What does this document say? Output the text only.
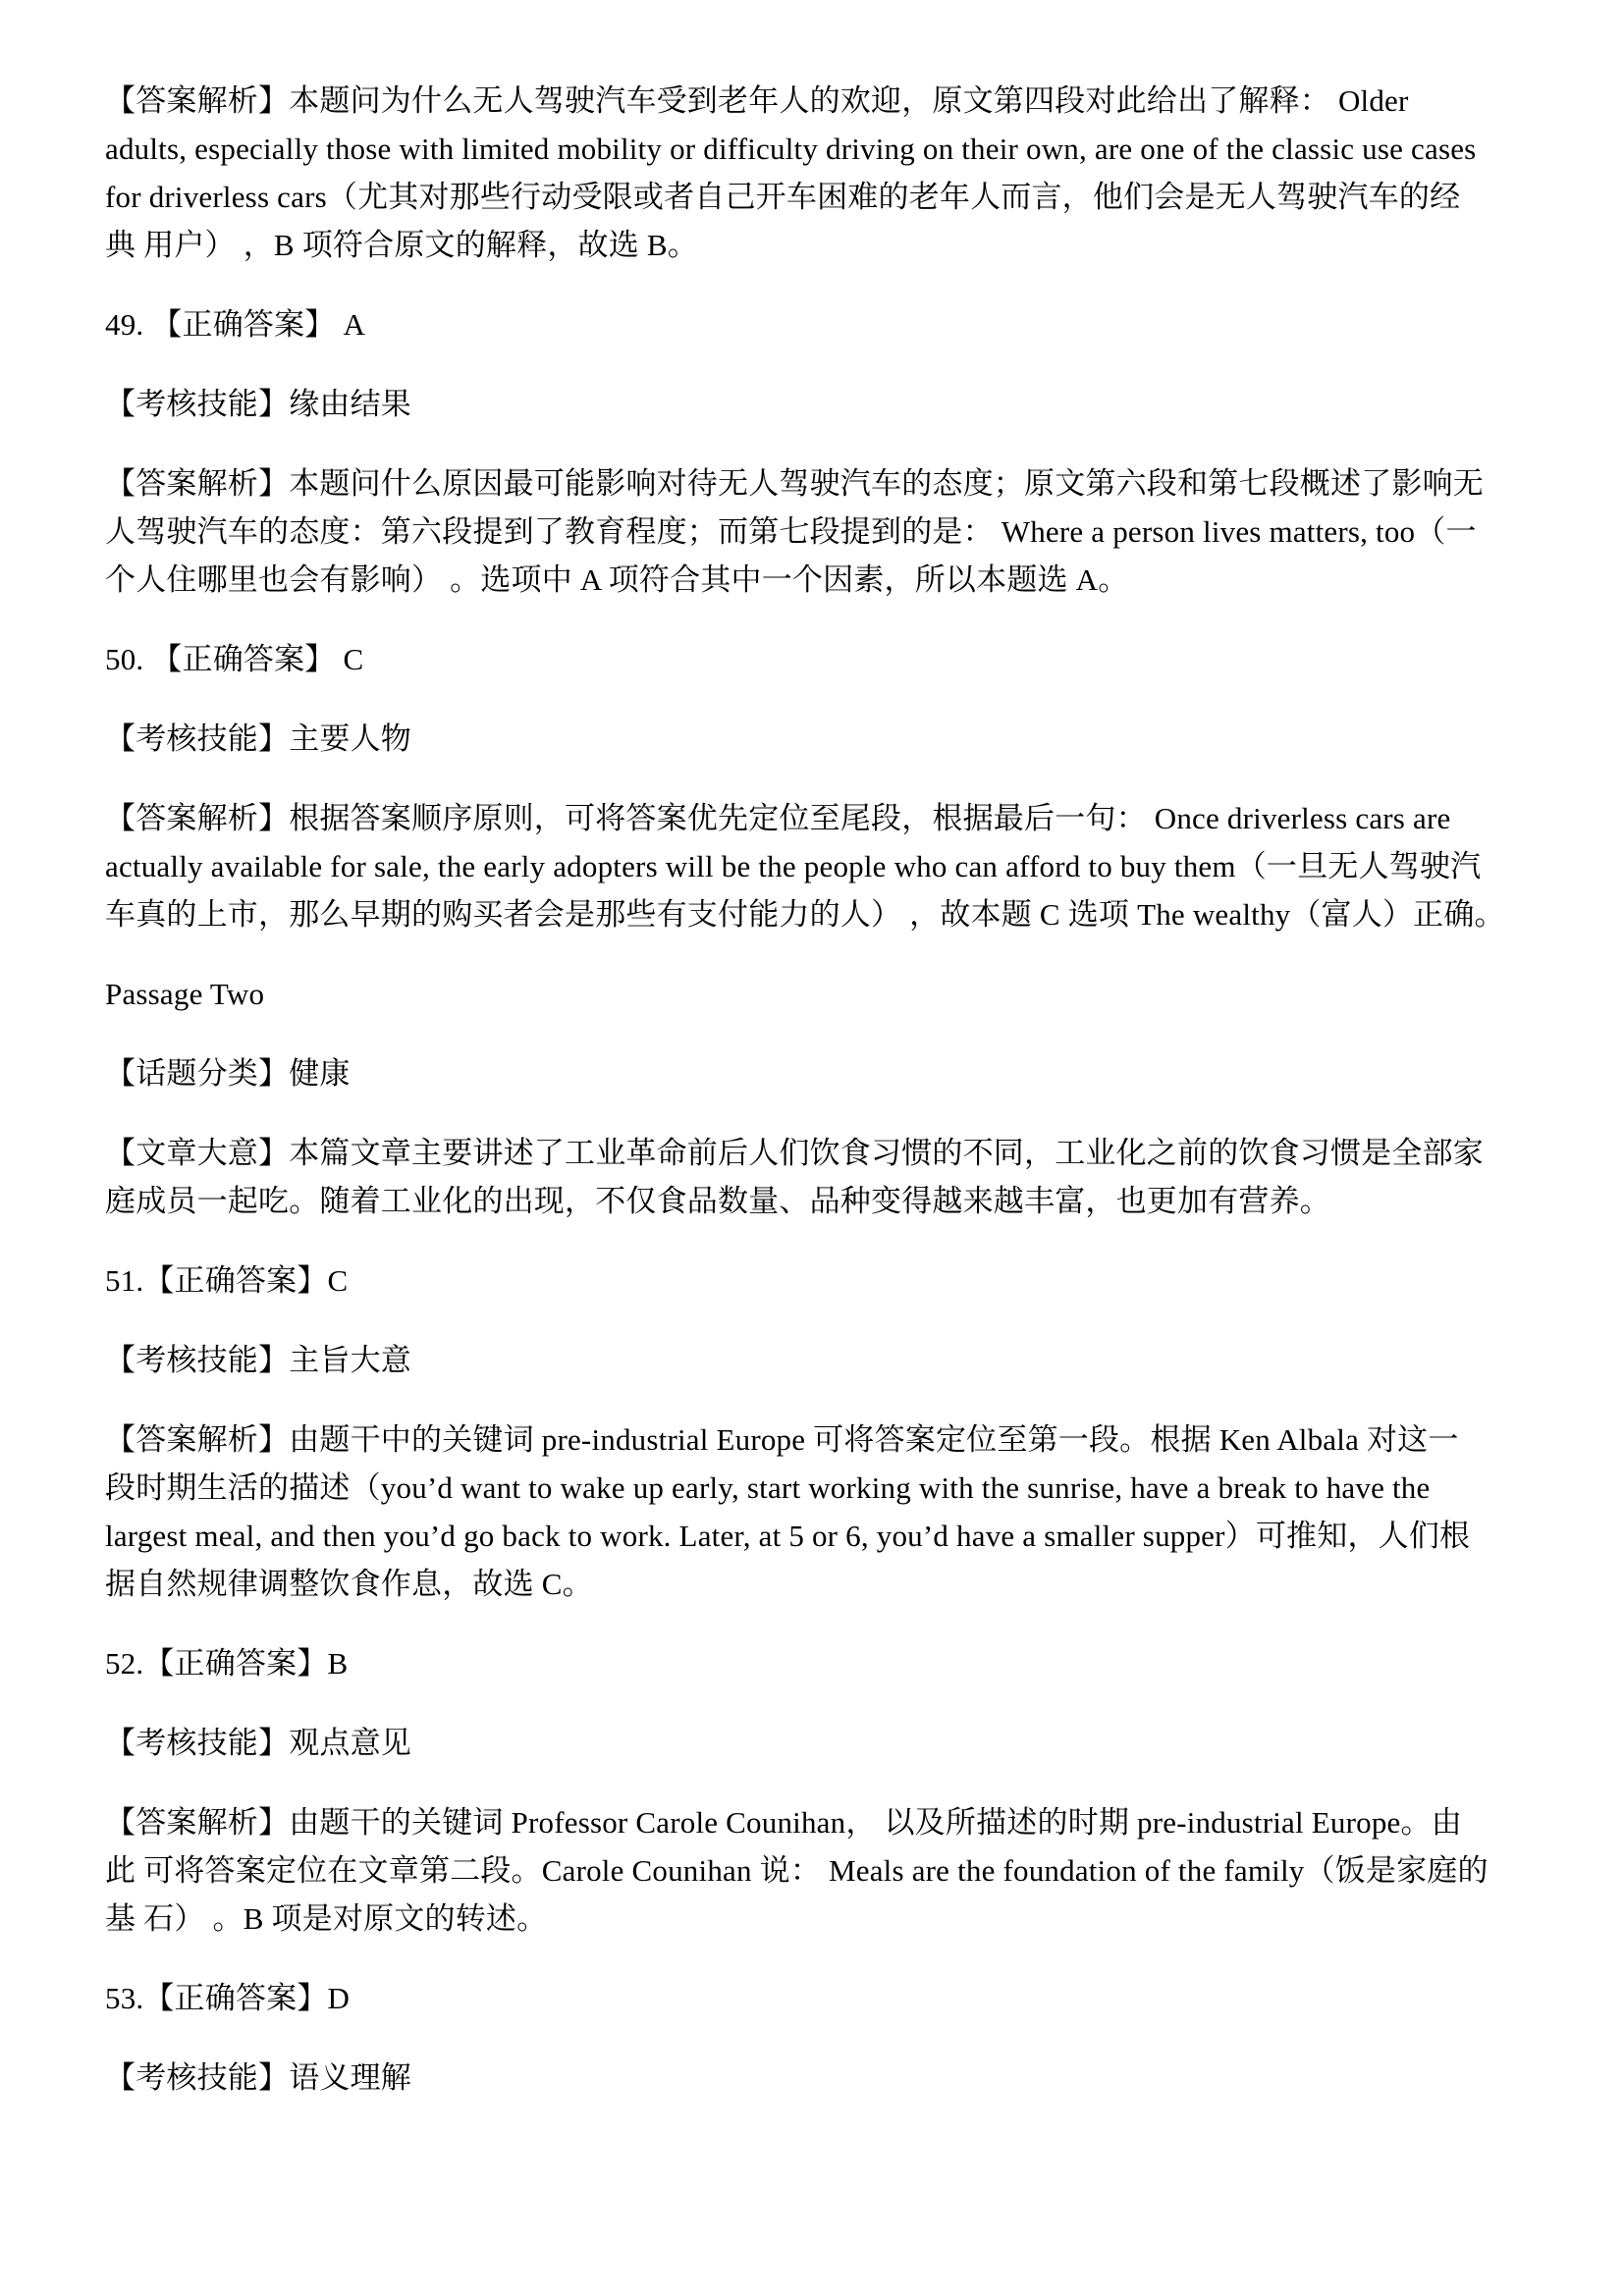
【答案解析】本题问为什么无人驾驶汽车受到老年人的欢迎，原文第四段对此给出了解释： Older
adults, especially those with limited mobility or difficulty driving on their own, are one of the classic use cases
for driverless cars（尤其对那些行动受限或者自己开车困难的老年人而言，他们会是无人驾驶汽车的经
典 用户） ，B 项符合原文的解释，故选 B。
49. 【正确答案】 A
【考核技能】缘由结果
【答案解析】本题问什么原因最可能影响对待无人驾驶汽车的态度；原文第六段和第七段概述了影响无
人驾驶汽车的态度：第六段提到了教育程度；而第七段提到的是： Where a person lives matters, too（一
个人住哪里也会有影响） 。选项中 A 项符合其中一个因素，所以本题选 A。
50. 【正确答案】 C
【考核技能】主要人物
【答案解析】根据答案顺序原则，可将答案优先定位至尾段，根据最后一句： Once driverless cars are
actually available for sale, the early adopters will be the people who can afford to buy them（一旦无人驾驶汽
车真的上市，那么早期的购买者会是那些有支付能力的人） ，故本题 C 选项 The wealthy（富人）正确。
Passage Two
【话题分类】健康
【文章大意】本篇文章主要讲述了工业革命前后人们饮食习惯的不同，工业化之前的饮食习惯是全部家
庭成员一起吃。随着工业化的出现，不仅食品数量、品种变得越来越丰富，也更加有营养。
51.【正确答案】C
【考核技能】主旨大意
【答案解析】由题干中的关键词 pre-industrial Europe 可将答案定位至第一段。根据 Ken Albala 对这一
段时期生活的描述（you’d want to wake up early, start working with the sunrise, have a break to have the
largest meal, and then you’d go back to work. Later, at 5 or 6, you’d have a smaller supper）可推知，人们根
据自然规律调整饮食作息，故选 C。
52.【正确答案】B
【考核技能】观点意见
【答案解析】由题干的关键词 Professor Carole Counihan， 以及所描述的时期 pre-industrial Europe。由
此 可将答案定位在文章第二段。Carole Counihan 说： Meals are the foundation of the family（饭是家庭的
基 石） 。B 项是对原文的转述。
53.【正确答案】D
【考核技能】语义理解
